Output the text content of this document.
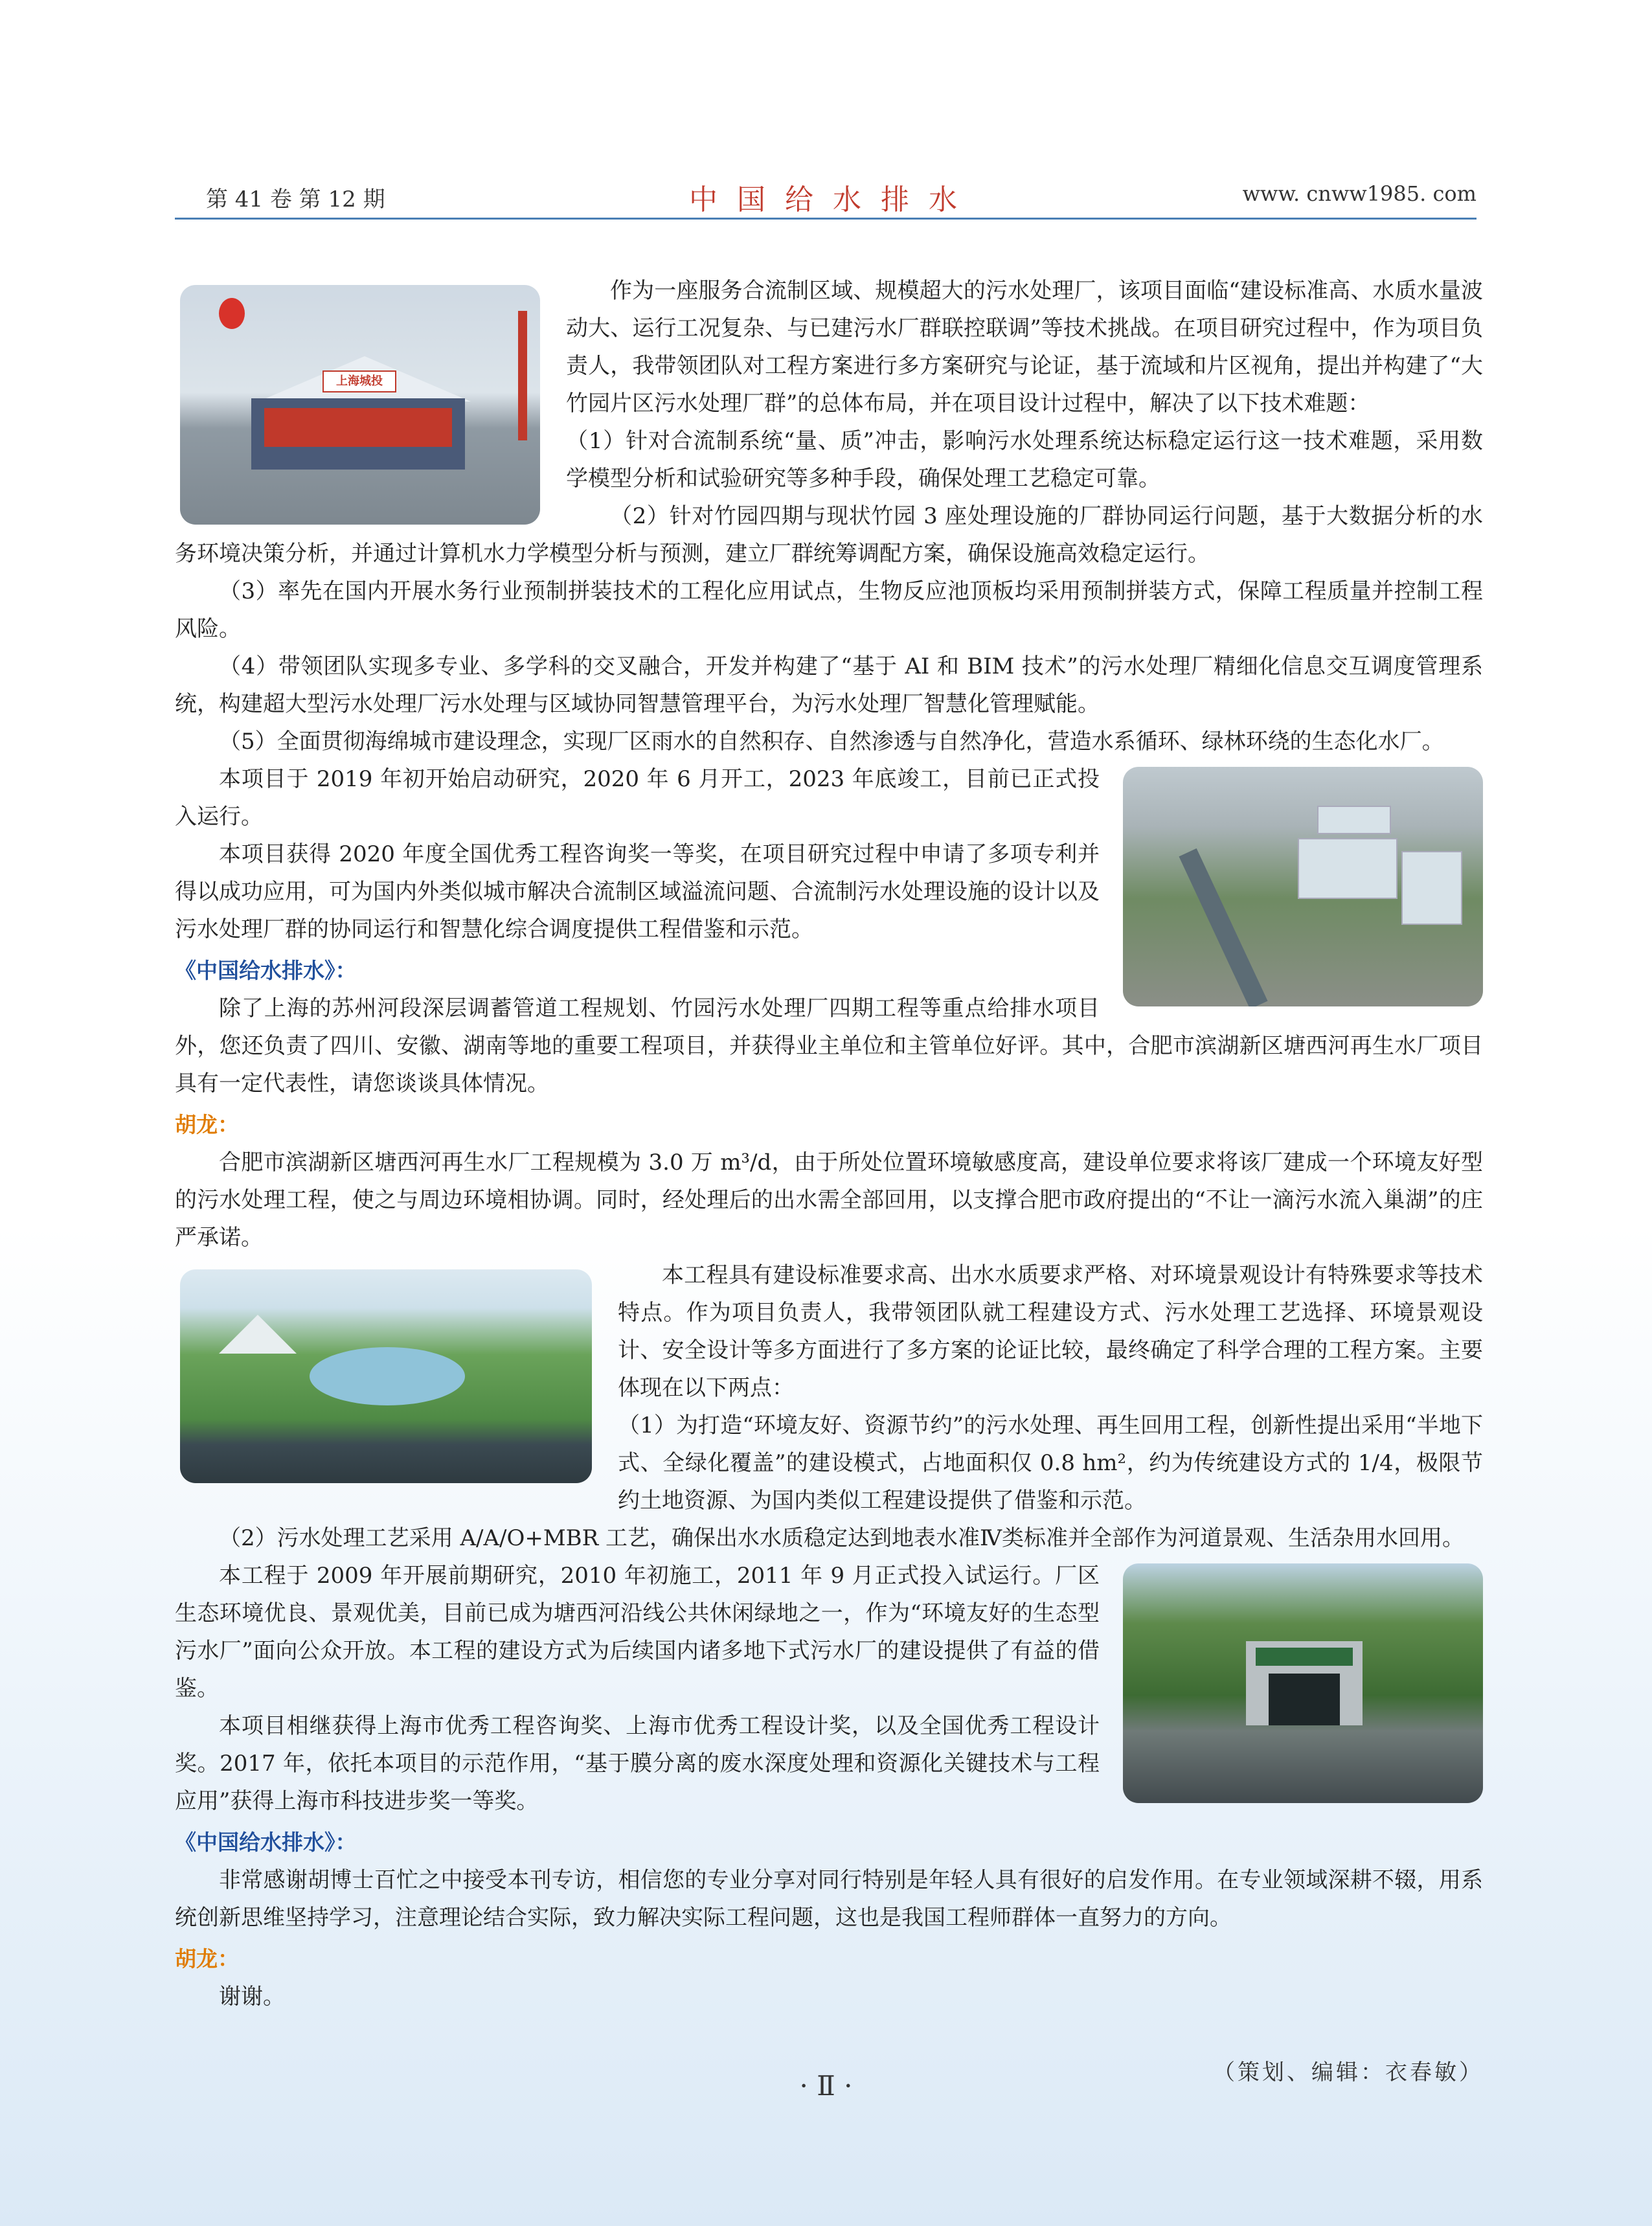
第 41 卷 第 12 期	中 国 给 水 排 水	www. cnww1985. com
上海城投

作为一座服务合流制区域、规模超大的污水处理厂，该项目面临“建设标准高、水质水量波动大、运行工况复杂、与已建污水厂群联控联调”等技术挑战。在项目研究过程中，作为项目负责人，我带领团队对工程方案进行多方案研究与论证，基于流域和片区视角，提出并构建了“大竹园片区污水处理厂群”的总体布局，并在项目设计过程中，解决了以下技术难题：

（1）针对合流制系统“量、质”冲击，影响污水处理系统达标稳定运行这一技术难题，采用数学模型分析和试验研究等多种手段，确保处理工艺稳定可靠。

（2）针对竹园四期与现状竹园 3 座处理设施的厂群协同运行问题，基于大数据分析的水务环境决策分析，并通过计算机水力学模型分析与预测，建立厂群统筹调配方案，确保设施高效稳定运行。

（3）率先在国内开展水务行业预制拼装技术的工程化应用试点，生物反应池顶板均采用预制拼装方式，保障工程质量并控制工程风险。

（4）带领团队实现多专业、多学科的交叉融合，开发并构建了“基于 AI 和 BIM 技术”的污水处理厂精细化信息交互调度管理系统，构建超大型污水处理厂污水处理与区域协同智慧管理平台，为污水处理厂智慧化管理赋能。

（5）全面贯彻海绵城市建设理念，实现厂区雨水的自然积存、自然渗透与自然净化，营造水系循环、绿林环绕的生态化水厂。

本项目于 2019 年初开始启动研究，2020 年 6 月开工，2023 年底竣工，目前已正式投入运行。

本项目获得 2020 年度全国优秀工程咨询奖一等奖，在项目研究过程中申请了多项专利并得以成功应用，可为国内外类似城市解决合流制区域溢流问题、合流制污水处理设施的设计以及污水处理厂群的协同运行和智慧化综合调度提供工程借鉴和示范。

《中国给水排水》：

除了上海的苏州河段深层调蓄管道工程规划、竹园污水处理厂四期工程等重点给排水项目外，您还负责了四川、安徽、湖南等地的重要工程项目，并获得业主单位和主管单位好评。其中，合肥市滨湖新区塘西河再生水厂项目具有一定代表性，请您谈谈具体情况。

胡龙：

合肥市滨湖新区塘西河再生水厂工程规模为 3.0 万 m³/d，由于所处位置环境敏感度高，建设单位要求将该厂建成一个环境友好型的污水处理工程，使之与周边环境相协调。同时，经处理后的出水需全部回用，以支撑合肥市政府提出的“不让一滴污水流入巢湖”的庄严承诺。

本工程具有建设标准要求高、出水水质要求严格、对环境景观设计有特殊要求等技术特点。作为项目负责人，我带领团队就工程建设方式、污水处理工艺选择、环境景观设计、安全设计等多方面进行了多方案的论证比较，最终确定了科学合理的工程方案。主要体现在以下两点：

（1）为打造“环境友好、资源节约”的污水处理、再生回用工程，创新性提出采用“半地下式、全绿化覆盖”的建设模式，占地面积仅 0.8 hm²，约为传统建设方式的 1/4，极限节约土地资源、为国内类似工程建设提供了借鉴和示范。

（2）污水处理工艺采用 A/A/O+MBR 工艺，确保出水水质稳定达到地表水准Ⅳ类标准并全部作为河道景观、生活杂用水回用。

本工程于 2009 年开展前期研究，2010 年初施工，2011 年 9 月正式投入试运行。厂区生态环境优良、景观优美，目前已成为塘西河沿线公共休闲绿地之一，作为“环境友好的生态型污水厂”面向公众开放。本工程的建设方式为后续国内诸多地下式污水厂的建设提供了有益的借鉴。

本项目相继获得上海市优秀工程咨询奖、上海市优秀工程设计奖，以及全国优秀工程设计奖。2017 年，依托本项目的示范作用，“基于膜分离的废水深度处理和资源化关键技术与工程应用”获得上海市科技进步奖一等奖。

《中国给水排水》：

非常感谢胡博士百忙之中接受本刊专访，相信您的专业分享对同行特别是年轻人具有很好的启发作用。在专业领域深耕不辍，用系统创新思维坚持学习，注意理论结合实际，致力解决实际工程问题，这也是我国工程师群体一直努力的方向。

胡龙：

谢谢。

（策划、编辑：衣春敏）
· Ⅱ ·
